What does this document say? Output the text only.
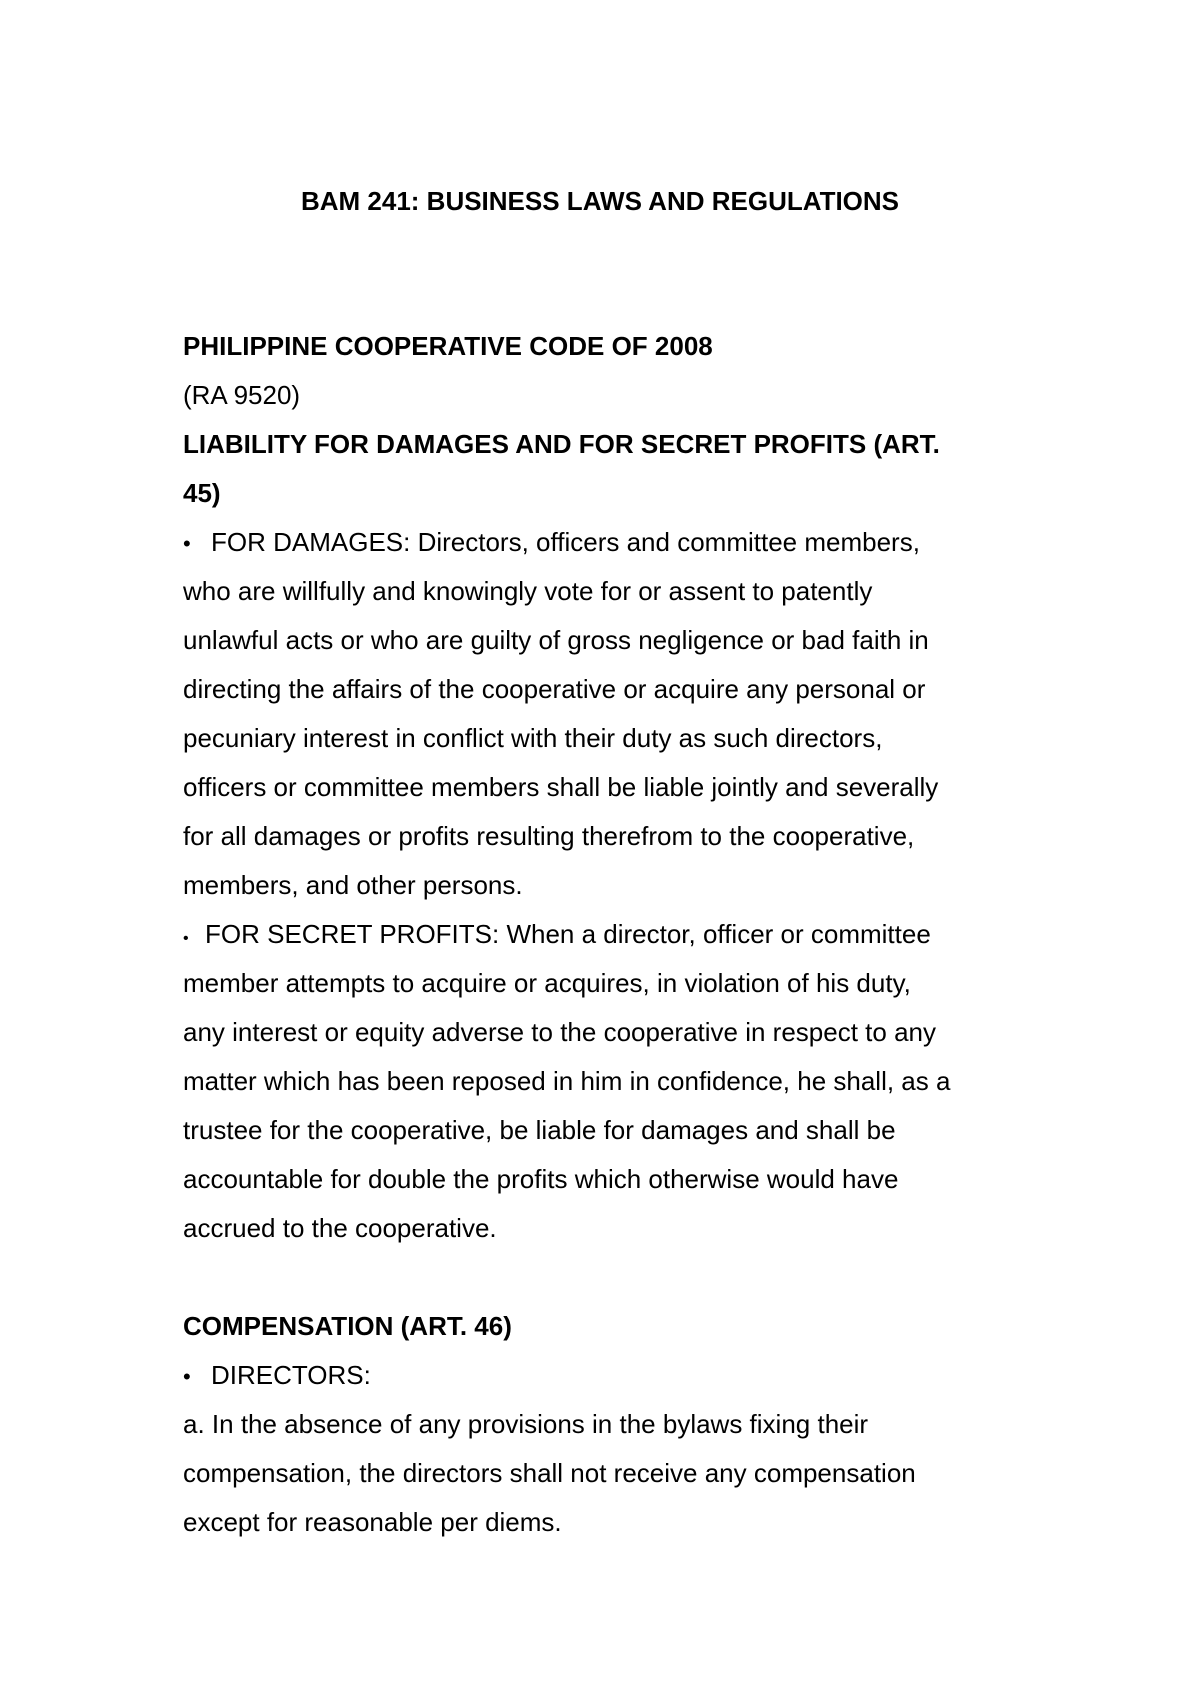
BAM 241: BUSINESS LAWS AND REGULATIONS
PHILIPPINE COOPERATIVE CODE OF 2008
(RA 9520)
LIABILITY FOR DAMAGES AND FOR SECRET PROFITS (ART.
45)
• FOR DAMAGES: Directors, officers and committee members,
who are willfully and knowingly vote for or assent to patently
unlawful acts or who are guilty of gross negligence or bad faith in
directing the affairs of the cooperative or acquire any personal or
pecuniary interest in conflict with their duty as such directors,
officers or committee members shall be liable jointly and severally
for all damages or profits resulting therefrom to the cooperative,
members, and other persons.
• FOR SECRET PROFITS: When a director, officer or committee
member attempts to acquire or acquires, in violation of his duty,
any interest or equity adverse to the cooperative in respect to any
matter which has been reposed in him in confidence, he shall, as a
trustee for the cooperative, be liable for damages and shall be
accountable for double the profits which otherwise would have
accrued to the cooperative.
COMPENSATION (ART. 46)
• DIRECTORS:
a. In the absence of any provisions in the bylaws fixing their
compensation, the directors shall not receive any compensation
except for reasonable per diems.
